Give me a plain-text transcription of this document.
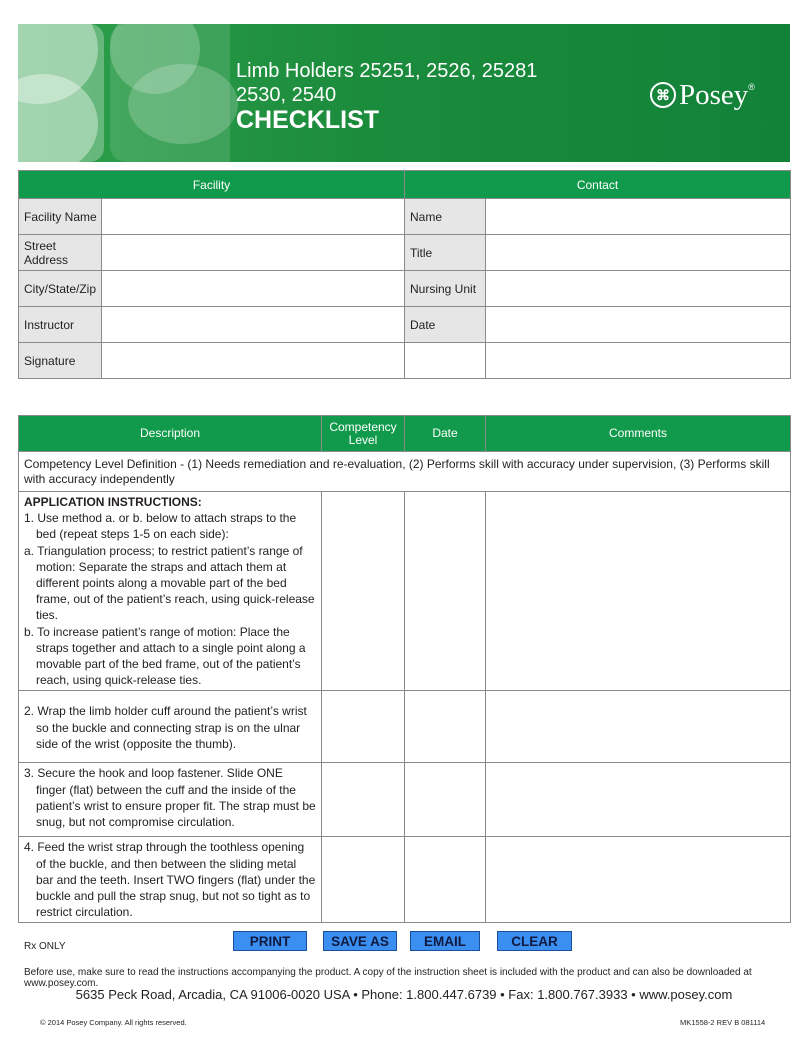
Limb Holders 25251, 2526, 25281
2530, 2540
CHECKLIST
⌘ Posey ®
Facility		Contact	
Facility Name		Name	
Street Address		Title	
City/State/Zip		Nursing Unit	
Instructor		Date	
Signature			
Description	Competency Level	Date	Comments
Competency Level Definition - (1) Needs remediation and re-evaluation, (2) Performs skill with accuracy under supervision, (3) Performs skill with accuracy independently			

APPLICATION INSTRUCTIONS:
1. Use method a. or b. below to attach straps to the bed (repeat steps 1-5 on each side):
a. Triangulation process; to restrict patient’s range of motion: Separate the straps and attach them at different points along a movable part of the bed frame, out of the patient’s reach, using quick-release ties.
b. To increase patient’s range of motion: Place the straps together and attach to a single point along a movable part of the bed frame, out of the patient’s reach, using quick-release ties.			

2. Wrap the limb holder cuff around the patient’s wrist so the buckle and connecting strap is on the ulnar side of the wrist (opposite the thumb).			

3. Secure the hook and loop fastener. Slide ONE finger (flat) between the cuff and the inside of the patient’s wrist to ensure proper fit. The strap must be snug, but not compromise circulation.			

4. Feed the wrist strap through the toothless opening of the buckle, and then between the sliding metal bar and the teeth. Insert TWO fingers (flat) under the buckle and pull the strap snug, but not so tight as to restrict circulation.			

PRINT	SAVE AS	EMAIL	CLEAR
Rx ONLY
Before use, make sure to read the instructions accompanying the product. A copy of the instruction sheet is included with the product and can also be downloaded at www.posey.com.
5635 Peck Road, Arcadia, CA 91006-0020 USA • Phone: 1.800.447.6739 • Fax: 1.800.767.3933 • www.posey.com
© 2014 Posey Company. All rights reserved.	MK1558-2 REV B 081114
